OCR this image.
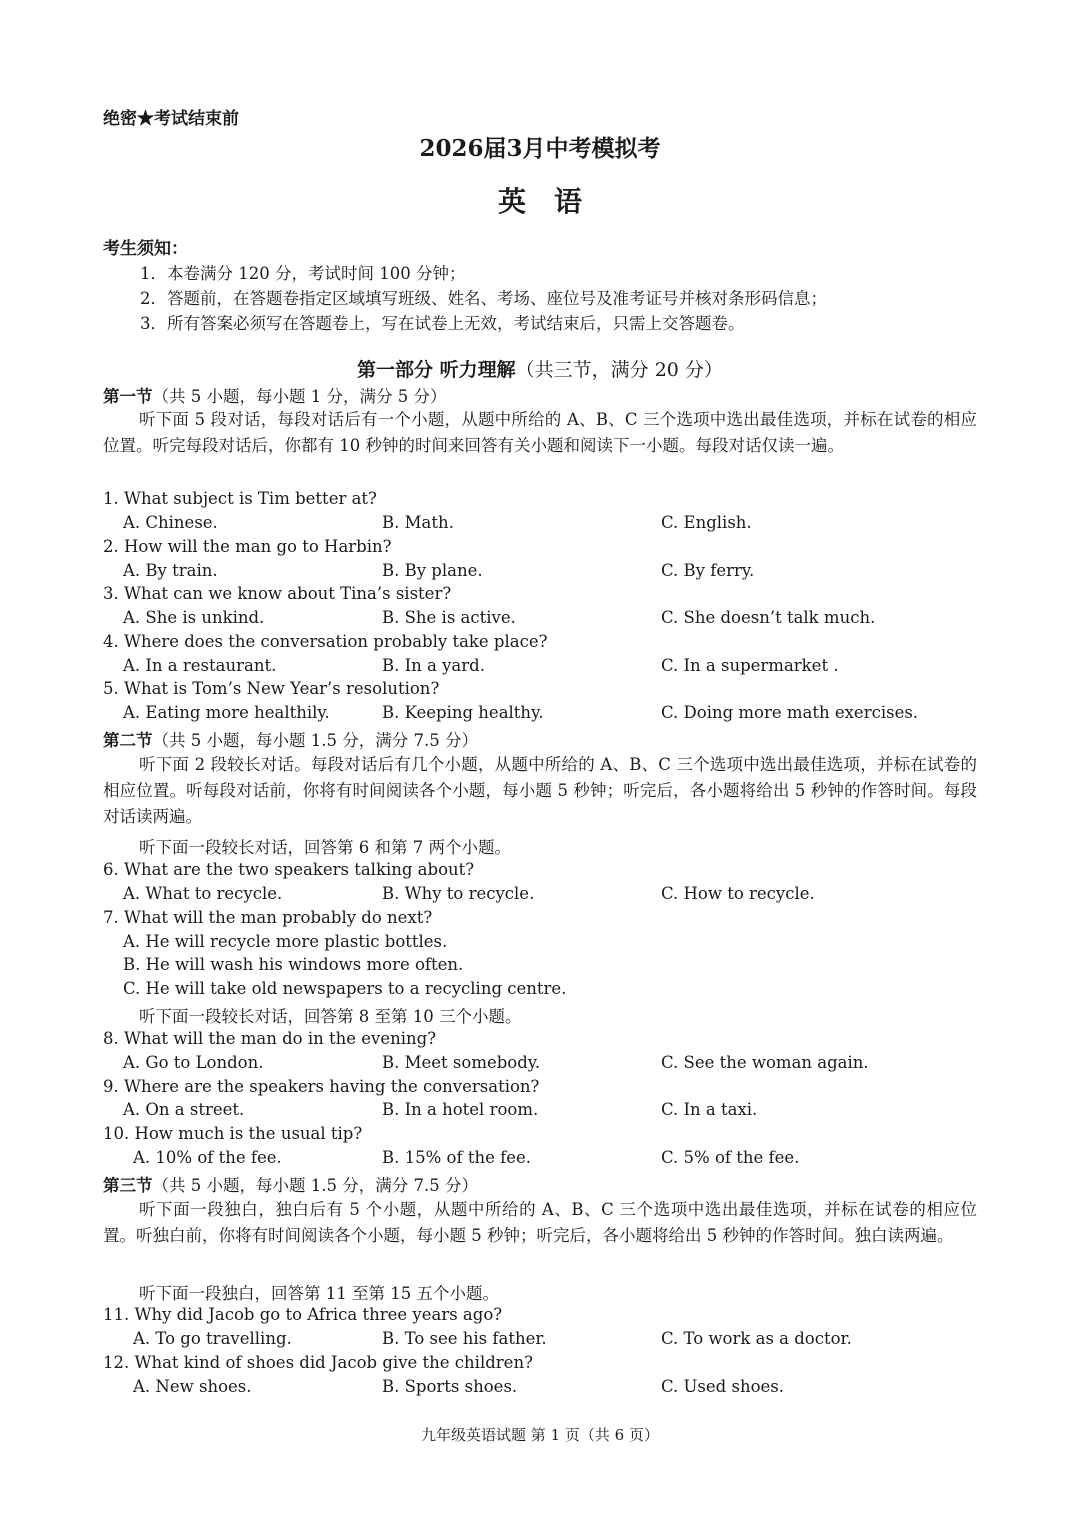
绝密★考试结束前
2026届3月中考模拟考
英语
考生须知：
1．本卷满分 120 分，考试时间 100 分钟；
2．答题前，在答题卷指定区域填写班级、姓名、考场、座位号及准考证号并核对条形码信息；
3．所有答案必须写在答题卷上，写在试卷上无效，考试结束后，只需上交答题卷。
第一部分 听力理解（共三节，满分 20 分）
第一节（共 5 小题，每小题 1 分，满分 5 分）
听下面 5 段对话，每段对话后有一个小题，从题中所给的 A、B、C 三个选项中选出最佳选项，并标在试卷的相应位置。听完每段对话后，你都有 10 秒钟的时间来回答有关小题和阅读下一小题。每段对话仅读一遍。
1. What subject is Tim better at?
A. Chinese.	B. Math.	C. English.
2. How will the man go to Harbin?
A. By train.	B. By plane.	C. By ferry.
3. What can we know about Tina’s sister?
A. She is unkind.	B. She is active.	C. She doesn’t talk much.
4. Where does the conversation probably take place?
A. In a restaurant.	B. In a yard.	C. In a supermarket .
5. What is Tom’s New Year’s resolution?
A. Eating more healthily.	B. Keeping healthy.	C. Doing more math exercises.
第二节（共 5 小题，每小题 1.5 分，满分 7.5 分）
听下面 2 段较长对话。每段对话后有几个小题，从题中所给的 A、B、C 三个选项中选出最佳选项，并标在试卷的相应位置。听每段对话前，你将有时间阅读各个小题，每小题 5 秒钟；听完后，各小题将给出 5 秒钟的作答时间。每段对话读两遍。
听下面一段较长对话，回答第 6 和第 7 两个小题。
6. What are the two speakers talking about?
A. What to recycle.	B. Why to recycle.	C. How to recycle.
7. What will the man probably do next?
A. He will recycle more plastic bottles.
B. He will wash his windows more often.
C. He will take old newspapers to a recycling centre.
听下面一段较长对话，回答第 8 至第 10 三个小题。
8. What will the man do in the evening?
A. Go to London.	B. Meet somebody.	C. See the woman again.
9. Where are the speakers having the conversation?
A. On a street.	B. In a hotel room.	C. In a taxi.
10. How much is the usual tip?
A. 10% of the fee.	B. 15% of the fee.	C. 5% of the fee.
第三节（共 5 小题，每小题 1.5 分，满分 7.5 分）
听下面一段独白，独白后有 5 个小题，从题中所给的 A、B、C 三个选项中选出最佳选项，并标在试卷的相应位置。听独白前，你将有时间阅读各个小题，每小题 5 秒钟；听完后，各小题将给出 5 秒钟的作答时间。独白读两遍。
听下面一段独白，回答第 11 至第 15 五个小题。
11. Why did Jacob go to Africa three years ago?
A. To go travelling.	B. To see his father.	C. To work as a doctor.
12. What kind of shoes did Jacob give the children?
A. New shoes.	B. Sports shoes.	C. Used shoes.
九年级英语试题 第 1 页（共 6 页）
